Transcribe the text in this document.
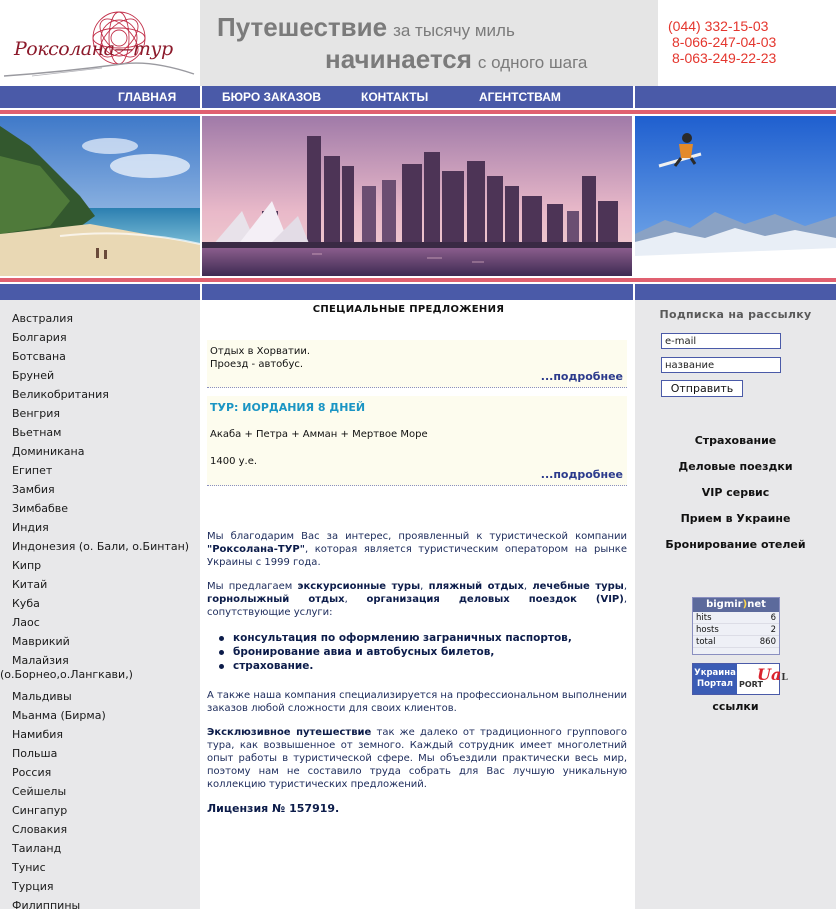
Роксолана—тур
Путешествие за тысячу миль
начинается с одного шага
(044) 332-15-03
8-066-247-04-03
8-063-249-22-23
ГЛАВНАЯ	БЮРО ЗАКАЗОВ	КОНТАКТЫ	АГЕНТСТВАМ
Австралия
Болгария
Ботсвана
Бруней
Великобритания
Венгрия
Вьетнам
Доминикана
Египет
Замбия
Зимбабве
Индия
Индонезия (о. Бали, о.Бинтан)
Кипр
Китай
Куба
Лаос
Маврикий
Малайзия
(о.Борнео,о.Лангкави,)
Мальдивы
Мьанма (Бирма)
Намибия
Польша
Россия
Сейшелы
Сингапур
Словакия
Таиланд
Тунис
Турция
Филиппины
СПЕЦИАЛЬНЫЕ ПРЕДЛОЖЕНИЯ
Отдых в Хорватии.
Проезд - автобус.
...подробнее
ТУР: ИОРДАНИЯ 8 ДНЕЙ
Акаба + Петра + Амман + Мертвое Море
1400 у.е.
...подробнее

Мы благодарим Вас за интерес, проявленный к туристической компании "Роксолана-ТУР", которая является туристическим оператором на рынке Украины с 1999 года.

Мы предлагаем экскурсионные туры, пляжный отдых, лечебные туры, горнолыжный отдых, организация деловых поездок (VIP), сопутствующие услуги:

консультация по оформлению заграничных паспортов,
бронирование авиа и автобусных билетов,
страхование.

А также наша компания специализируется на профессиональном выполнении заказов любой сложности для своих клиентов.

Эксклюзивное путешествие так же далеко от традиционного группового тура, как возвышенное от земного. Каждый сотрудник имеет многолетний опыт работы в туристической сфере. Мы объездили практически весь мир, поэтому нам не составило труда собрать для Вас лучшую уникальную коллекцию туристических предложений.

Лицензия № 157919.

Подписка на рассылку
e-mail
название
Отправить
Страхование
Деловые поездки
VIP сервис
Прием в Украине
Бронирование отелей
bigmir)net
hits	6
hosts	2
total	860
Украина
Портал PORT
UaL
ссылки
